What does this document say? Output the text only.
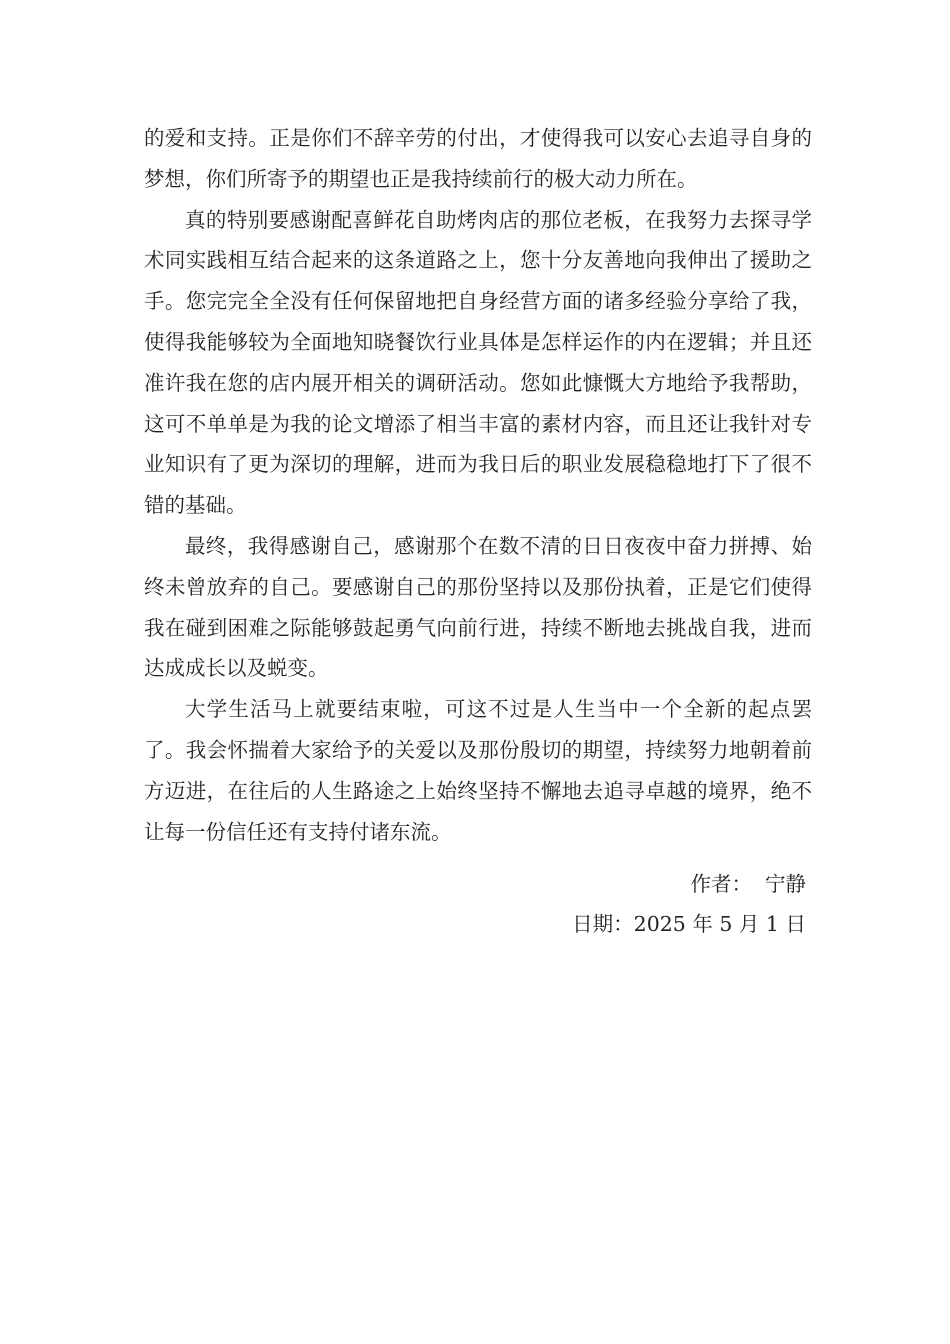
的爱和支持。正是你们不辞辛劳的付出，才使得我可以安心去追寻自身的梦想，你们所寄予的期望也正是我持续前行的极大动力所在。

真的特别要感谢配喜鲜花自助烤肉店的那位老板，在我努力去探寻学术同实践相互结合起来的这条道路之上，您十分友善地向我伸出了援助之手。您完完全全没有任何保留地把自身经营方面的诸多经验分享给了我，使得我能够较为全面地知晓餐饮行业具体是怎样运作的内在逻辑；并且还准许我在您的店内展开相关的调研活动。您如此慷慨大方地给予我帮助，这可不单单是为我的论文增添了相当丰富的素材内容，而且还让我针对专业知识有了更为深切的理解，进而为我日后的职业发展稳稳地打下了很不错的基础。

最终，我得感谢自己，感谢那个在数不清的日日夜夜中奋力拼搏、始终未曾放弃的自己。要感谢自己的那份坚持以及那份执着，正是它们使得我在碰到困难之际能够鼓起勇气向前行进，持续不断地去挑战自我，进而达成成长以及蜕变。

大学生活马上就要结束啦，可这不过是人生当中一个全新的起点罢了。我会怀揣着大家给予的关爱以及那份殷切的期望，持续努力地朝着前方迈进，在往后的人生路途之上始终坚持不懈地去追寻卓越的境界，绝不让每一份信任还有支持付诸东流。

作者：  宁静

日期：2025 年 5 月 1 日
